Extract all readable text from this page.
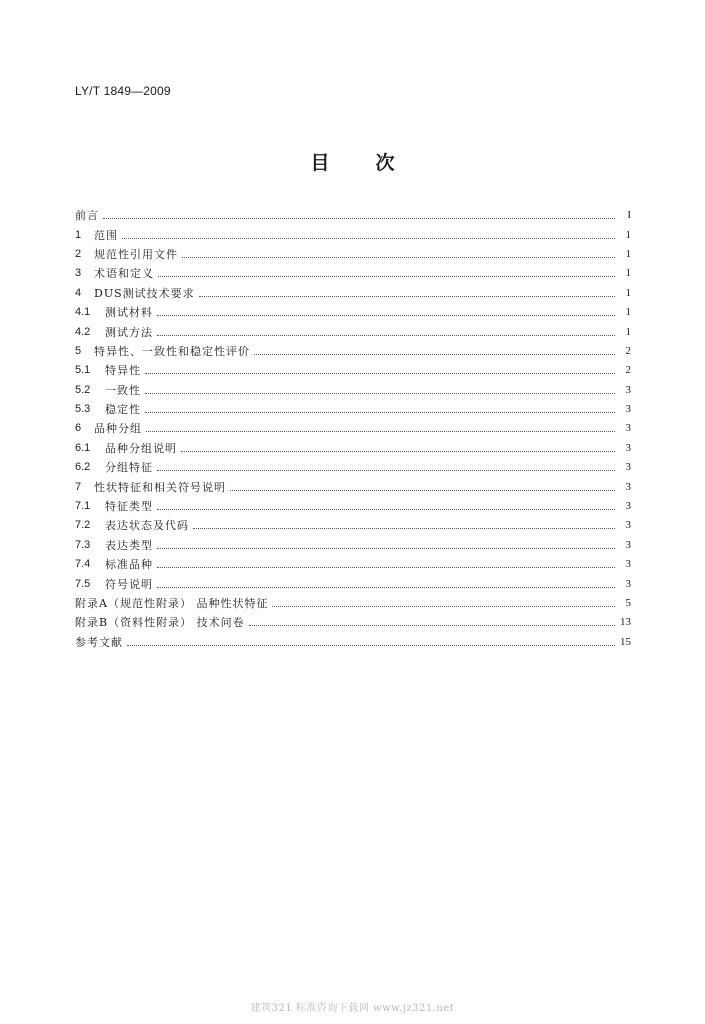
LY/T 1849—2009
目次
前言	I
1	范围	1
2	规范性引用文件	1
3	术语和定义	1
4	DUS测试技术要求	1
4.1	测试材料	1
4.2	测试方法	1
5	特异性、一致性和稳定性评价	2
5.1	特异性	2
5.2	一致性	3
5.3	稳定性	3
6	品种分组	3
6.1	品种分组说明	3
6.2	分组特征	3
7	性状特征和相关符号说明	3
7.1	特征类型	3
7.2	表达状态及代码	3
7.3	表达类型	3
7.4	标准品种	3
7.5	符号说明	3
附录A（规范性附录） 品种性状特征	5
附录B（资料性附录） 技术问卷	13
参考文献	15
建筑321 标准咨询下载网 www.jz321.net
